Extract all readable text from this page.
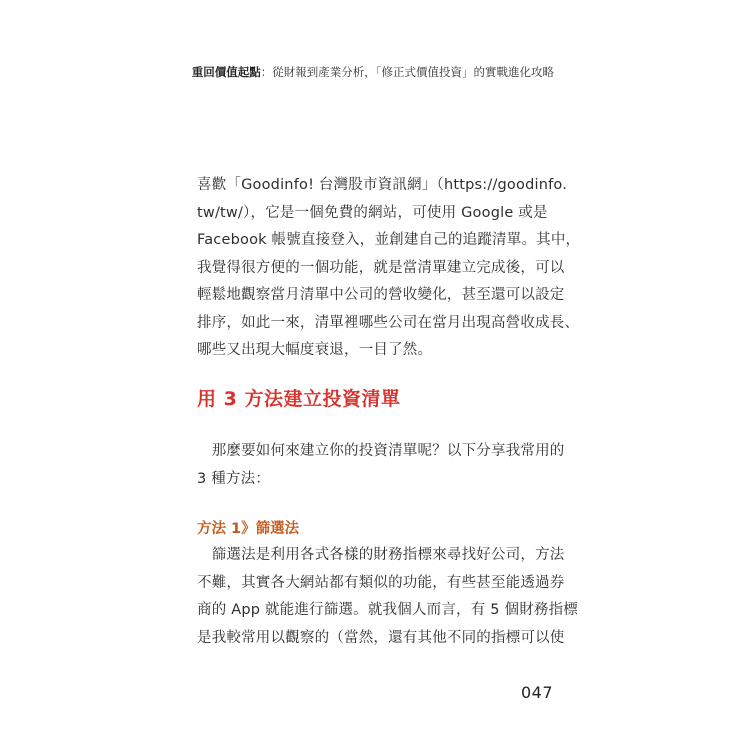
重回價值起點：從財報到產業分析，「修正式價值投資」的實戰進化攻略
喜歡「Goodinfo! 台灣股市資訊網」（https://goodinfo.
tw/tw/），它是一個免費的網站，可使用 Google 或是
Facebook 帳號直接登入，並創建自己的追蹤清單。其中，
我覺得很方便的一個功能，就是當清單建立完成後，可以
輕鬆地觀察當月清單中公司的營收變化，甚至還可以設定
排序，如此一來，清單裡哪些公司在當月出現高營收成長、
哪些又出現大幅度衰退，一目了然。
用 3 方法建立投資清單
　那麼要如何來建立你的投資清單呢？以下分享我常用的
3 種方法：
方法 1》篩選法
　篩選法是利用各式各樣的財務指標來尋找好公司，方法
不難，其實各大網站都有類似的功能，有些甚至能透過券
商的 App 就能進行篩選。就我個人而言，有 5 個財務指標
是我較常用以觀察的（當然，還有其他不同的指標可以使
047
